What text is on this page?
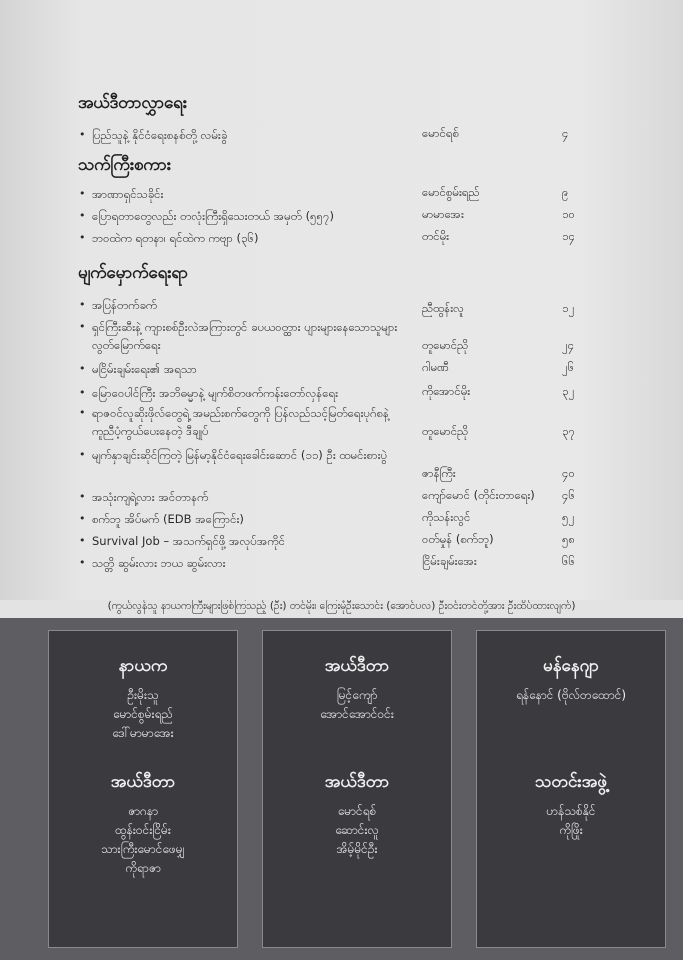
အယ်ဒီတာလွှာရေး
• ပြည်သူနဲ့ နိုင်ငံရေးစနစ်တို့ လမ်းခွဲ	မောင်ရစ်	၄
သက်ကြီးစကား
• အာဏာရှင်သခိုင်း	မောင်စွမ်းရည်	၉
• ပြောရတာတွေလည်း တလုံးကြီးရှိသေးတယ် အမှတ် (၅၅၇)	မာမာအေး	၁၀
• ဘဝထဲက ရတနာ၊ ရင်ထဲက ကဗျာ (၃၆)	တင်မိုး	၁၄
မျက်မှောက်ရေးရာ
• အပြန်တက်ခက်	ညီထွန်းလူ	၁၂
• ရှင်ကြီးဆီးနဲ့ ကျားစစ်ဦးလဲအကြားတွင် ခပယဝတ္ထား ပျားများနေသောသူများ လွတ်မြောက်ရေး	တူမောင်ညို	၂၄
• မငြိမ်းချမ်းရေး၏ အရသာ	ဂါမဏီ	၂၆
• မြောဝေပါင်ကြီး အဘိဓမ္မာနဲ့ မျက်စိတဖက်ကန်းတော်လှန်ရေး	ကိုအောင်မိုး	၃၂
• ရာဇဝင်လူဆိုးဖိုလ်တွေရဲ့ အမည်းစက်တွေကို ပြန်လည်သင့်မြတ်ရေးပုဂ်စနဲ့ ကူညီပံ့ကွယ်ပေးနေတဲ့ ဒီချုပ်	တူမောင်ညို	၃၇
• မျက်နှာချင်းဆိုင်ကြတဲ့ မြန်မာ့နိုင်ငံရေးခေါင်းဆောင် (၁၁) ဦး ထမင်းစားပွဲ
ဇာနီကြီး	၄၀
• အသုံးကျရဲ့လား အင်တာနက်	ကျော်မောင် (တိုင်းတာရေး)	၄၆
• စက်ဘူ အိပ်မက် (EDB အကြောင်း)	ကိုသန်းလွင်	၅၂
• Survival Job – အသက်ရှင်ဖို့ အလုပ်အကိုင်	ဝတ်မှုန် (စက်ဘူ)	၅၈
• သတ္တိ ဆွမ်းလား ဘယ ဆွမ်းလား	ငြိမ်းချမ်းအေး	၆၆
(ကွယ်လွန်သူ နာယကကြီးများဖြစ်ကြသည့် (ဦး) တင်မိုး၊ ကြေးမုံဦးသောင်း (အောင်ပလ) ဦးဝင်းတင်တို့အား ဦးထိပ်ထားလျက်)
နာယက
ဦးမိုးသူ
မောင်စွမ်းရည်
ဒေါ်မာမာအေး
အယ်ဒီတာ
ဇာဂနာ
ထွန်းဝင်းငြိမ်း
သားကြီးမောင်ဖေမျှ
ကိုရာဇာ
အယ်ဒီတာ
မြင့်ကျော်
အောင်အောင်ဝင်း
အယ်ဒီတာ
မောင်ရစ်
ဆောင်းလူ
အိမ့်မိုင်ဦး
မန်နေဂျာ
ရန်နောင် (ဗိုလ်တထောင်)
သတင်းအဖွဲ့
ဟန်သစ်နိုင်
ကိုဖြိုး
